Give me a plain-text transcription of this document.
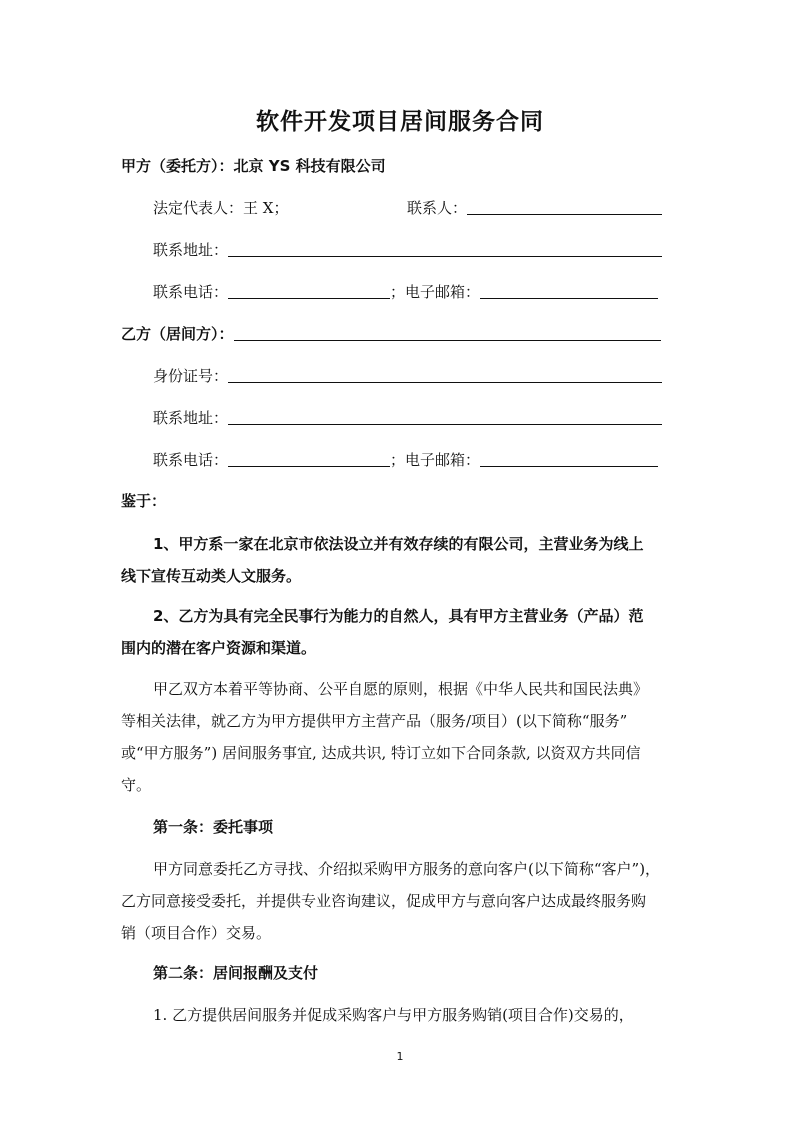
软件开发项目居间服务合同
甲方（委托方）：北京 YS 科技有限公司
法定代表人：王 X；	联系人：
联系地址：
联系电话：	；电子邮箱：
乙方（居间方）：
身份证号：
联系地址：
联系电话：	；电子邮箱：
鉴于：
1、甲方系一家在北京市依法设立并有效存续的有限公司，主营业务为线上
线下宣传互动类人文服务。
2、乙方为具有完全民事行为能力的自然人，具有甲方主营业务（产品）范
围内的潜在客户资源和渠道。
甲乙双方本着平等协商、公平自愿的原则，根据《中华人民共和国民法典》
等相关法律，就乙方为甲方提供甲方主营产品（服务/项目）(以下简称“服务”
或“甲方服务”) 居间服务事宜, 达成共识, 特订立如下合同条款, 以资双方共同信
守。
第一条：委托事项
甲方同意委托乙方寻找、介绍拟采购甲方服务的意向客户(以下简称“客户”)，
乙方同意接受委托，并提供专业咨询建议，促成甲方与意向客户达成最终服务购
销（项目合作）交易。
第二条：居间报酬及支付
1. 乙方提供居间服务并促成采购客户与甲方服务购销(项目合作)交易的，
1
